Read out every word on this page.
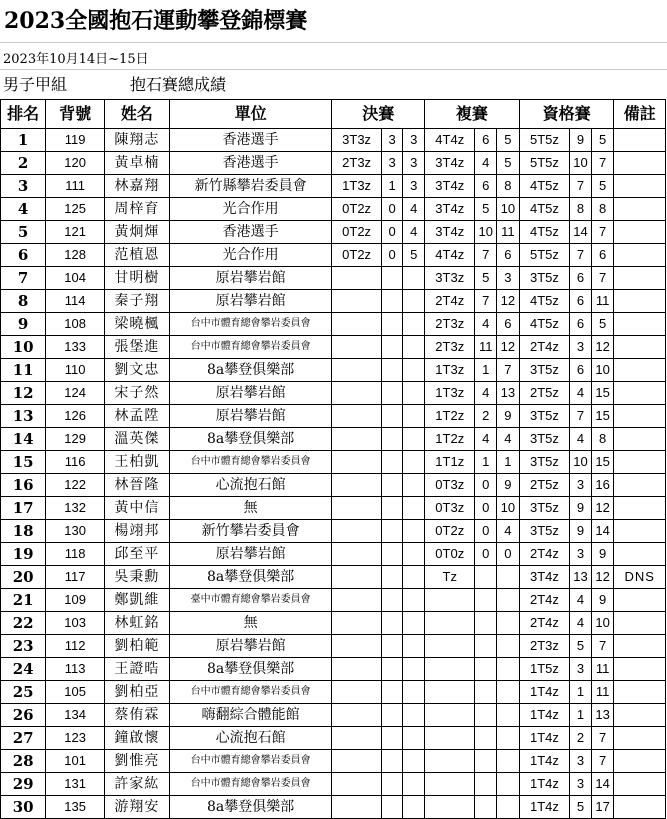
2023全國抱石運動攀登錦標賽
2023年10月14日~15日
男子甲組	抱石賽總成績
排名	背號	姓名	單位	決賽			複賽			資格賽			備註
1	119	陳翔志	香港選手	3T3z	3	3	4T4z	6	5	5T5z	9	5	
2	120	黃卓楠	香港選手	2T3z	3	3	3T4z	4	5	5T5z	10	7	
3	111	林嘉翔	新竹縣攀岩委員會	1T3z	1	3	3T4z	6	8	4T5z	7	5	
4	125	周梓育	光合作用	0T2z	0	4	3T4z	5	10	4T5z	8	8	
5	121	黃炯煇	香港選手	0T2z	0	4	3T4z	10	11	4T5z	14	7	
6	128	范植恩	光合作用	0T2z	0	5	4T4z	7	6	5T5z	7	6	
7	104	甘明樹	原岩攀岩館				3T3z	5	3	3T5z	6	7	
8	114	秦子翔	原岩攀岩館				2T4z	7	12	4T5z	6	11	
9	108	梁曉楓	台中市體育總會攀岩委員會				2T3z	4	6	4T5z	6	5	
10	133	張堡進	台中市體育總會攀岩委員會				2T3z	11	12	2T4z	3	12	
11	110	劉文忠	8a攀登俱樂部				1T3z	1	7	3T5z	6	10	
12	124	宋子然	原岩攀岩館				1T3z	4	13	2T5z	4	15	
13	126	林孟陞	原岩攀岩館				1T2z	2	9	3T5z	7	15	
14	129	溫英傑	8a攀登俱樂部				1T2z	4	4	3T5z	4	8	
15	116	王柏凱	台中市體育總會攀岩委員會				1T1z	1	1	3T5z	10	15	
16	122	林晉隆	心流抱石館				0T3z	0	9	2T5z	3	16	
17	132	黃中信	無				0T3z	0	10	3T5z	9	12	
18	130	楊翊邦	新竹攀岩委員會				0T2z	0	4	3T5z	9	14	
19	118	邱至平	原岩攀岩館				0T0z	0	0	2T4z	3	9	
20	117	吳秉勳	8a攀登俱樂部				Tz			3T4z	13	12	DNS
21	109	鄭凱維	臺中市體育總會攀岩委員會							2T4z	4	9	
22	103	林虹銘	無							2T4z	4	10	
23	112	劉柏範	原岩攀岩館							2T3z	5	7	
24	113	王證晧	8a攀登俱樂部							1T5z	3	11	
25	105	劉柏亞	台中市體育總會攀岩委員會							1T4z	1	11	
26	134	蔡侑霖	嗨翻綜合體能館							1T4z	1	13	
27	123	鐘啟懷	心流抱石館							1T4z	2	7	
28	101	劉惟亮	台中市體育總會攀岩委員會							1T4z	3	7	
29	131	許家紘	台中市體育總會攀岩委員會							1T4z	3	14	
30	135	游翔安	8a攀登俱樂部							1T4z	5	17	
